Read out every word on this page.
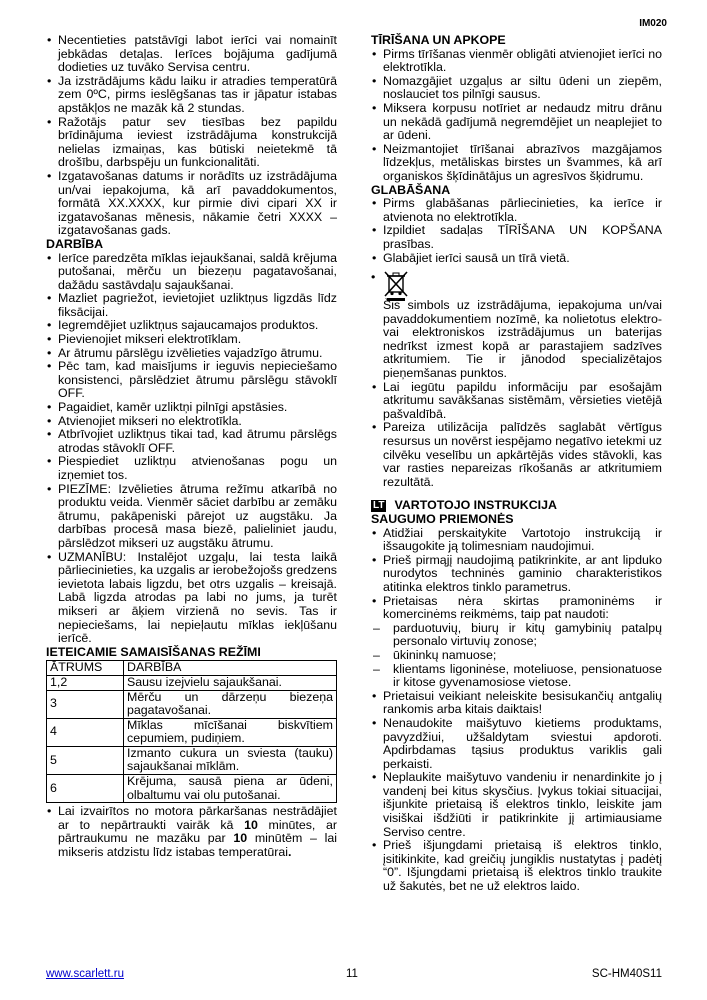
IM020
• Necentieties patstāvīgi labot ierīci vai nomainīt jebkādas detaļas. Ierīces bojājuma gadījumā dodieties uz tuvāko Servisa centru.
• Ja izstrādājums kādu laiku ir atradies temperatūrā zem 0ºC, pirms ieslēgšanas tas ir jāpatur istabas apstākļos ne mazāk kā 2 stundas.
• Ražotājs patur sev tiesības bez papildu brīdinājuma ieviest izstrādājuma konstrukcijā nelielas izmaiņas, kas būtiski neietekmē tā drošību, darbspēju un funkcionalitāti.
• Izgatavošanas datums ir norādīts uz izstrādājuma un/vai iepakojuma, kā arī pavaddokumentos, formātā XX.XXXX, kur pirmie divi cipari XX ir izgatavošanas mēnesis, nākamie četri XXXX – izgatavošanas gads.
DARBĪBA
• Ierīce paredzēta mīklas iejaukšanai, saldā krējuma putošanai, mērču un biezeņu pagatavošanai, dažādu sastāvdaļu sajaukšanai.
• Mazliet pagriežot, ievietojiet uzliktņus ligzdās līdz fiksācijai.
• Iegremdējiet uzliktņus sajaucamajos produktos.
• Pievienojiet mikseri elektrotīklam.
• Ar ātrumu pārslēgu izvēlieties vajadzīgo ātrumu.
• Pēc tam, kad maisījums ir ieguvis nepieciešamo konsistenci, pārslēdziet ātrumu pārslēgu stāvoklī OFF.
• Pagaidiet, kamēr uzliktņi pilnīgi apstāsies.
• Atvienojiet mikseri no elektrotīkla.
• Atbrīvojiet uzliktņus tikai tad, kad ātrumu pārslēgs atrodas stāvoklī OFF.
• Piespiediet uzliktņu atvienošanas pogu un izņemiet tos.
• PIEZĪME: Izvēlieties ātruma režīmu atkarībā no produktu veida. Vienmēr sāciet darbību ar zemāku ātrumu, pakāpeniski pārejot uz augstāku. Ja darbības procesā masa biezē, palieliniet jaudu, pārslēdzot mikseri uz augstāku ātrumu.
• UZMANĪBU: Instalējot uzgaļu, lai testa laikā pārliecinieties, ka uzgalis ar ierobežojošs gredzens ievietota labais ligzdu, bet otrs uzgalis – kreisajā. Labā ligzda atrodas pa labi no jums, ja turēt mikseri ar āķiem virzienā no sevis. Tas ir nepieciešams, lai nepieļautu mīklas iekļūšanu ierīcē.
IETEICAMIE SAMAISĪŠANAS REŽĪMI
ĀTRUMS	DARBĪBA
1,2	Sausu izejvielu sajaukšanai.
3	Mērču un dārzeņu biezeņa pagatavošanai.
4	Mīklas mīcīšanai biskvītiem cepumiem, pudiņiem.
5	Izmanto cukura un sviesta (tauku) sajaukšanai mīklām.
6	Krējuma, sausā piena ar ūdeni, olbaltumu vai olu putošanai.
• Lai izvairītos no motora pārkaršanas nestrādājiet ar to nepārtraukti vairāk kā 10 minūtes, ar pārtraukumu ne mazāku par 10 minūtēm – lai mikseris atdzistu līdz istabas temperatūrai.
TĪRĪŠANA UN APKOPE
• Pirms tīrīšanas vienmēr obligāti atvienojiet ierīci no elektrotīkla.
• Nomazgājiet uzgaļus ar siltu ūdeni un ziepēm, noslauciet tos pilnīgi sausus.
• Miksera korpusu notīriet ar nedaudz mitru drānu un nekādā gadījumā negremdējiet un neaplejiet to ar ūdeni.
• Neizmantojiet tīrīšanai abrazīvos mazgājamos līdzekļus, metāliskas birstes un švammes, kā arī organiskos šķīdinātājus un agresīvos šķidrumu.
GLABĀŠANA
• Pirms glabāšanas pārliecinieties, ka ierīce ir atvienota no elektrotīkla.
• Izpildiet sadaļas TĪRĪŠANA UN KOPŠANA prasības.
• Glabājiet ierīci sausā un tīrā vietā.
•
Šis simbols uz izstrādājuma, iepakojuma un/vai pavaddokumentiem nozīmē, ka nolietotus elektro- vai elektroniskos izstrādājumus un baterijas nedrīkst izmest kopā ar parastajiem sadzīves atkritumiem. Tie ir jānodod specializētajos pieņemšanas punktos.
• Lai iegūtu papildu informāciju par esošajām atkritumu savākšanas sistēmām, vērsieties vietējā pašvaldībā.
• Pareiza utilizācija palīdzēs saglabāt vērtīgus resursus un novērst iespējamo negatīvo ietekmi uz cilvēku veselību un apkārtējās vides stāvokli, kas var rasties nepareizas rīkošanās ar atkritumiem rezultātā.
LT VARTOTOJO INSTRUKCIJA
SAUGUMO PRIEMONĖS
• Atidžiai perskaitykite Vartotojo instrukciją ir išsaugokite ją tolimesniam naudojimui.
• Prieš pirmąjį naudojimą patikrinkite, ar ant lipduko nurodytos techninės gaminio charakteristikos atitinka elektros tinklo parametrus.
• Prietaisas nėra skirtas pramoninėms ir komercinėms reikmėms, taip pat naudoti:
– parduotuvių, biurų ir kitų gamybinių patalpų personalo virtuvių zonose;
– ūkininkų namuose;
– klientams ligoninėse, moteliuose, pensionatuose ir kitose gyvenamosiose vietose.
• Prietaisui veikiant neleiskite besisukančių antgalių rankomis arba kitais daiktais!
• Nenaudokite maišytuvo kietiems produktams, pavyzdžiui, užšaldytam sviestui apdoroti. Apdirbdamas tąsius produktus variklis gali perkaisti.
• Neplaukite maišytuvo vandeniu ir nenardinkite jo į vandenį bei kitus skysčius. Įvykus tokiai situacijai, išjunkite prietaisą iš elektros tinklo, leiskite jam visiškai išdžiūti ir patikrinkite jį artimiausiame Serviso centre.
• Prieš išjungdami prietaisą iš elektros tinklo, įsitikinkite, kad greičių jungiklis nustatytas į padėtį “0”. Išjungdami prietaisą iš elektros tinklo traukite už šakutės, bet ne už elektros laido.
www.scarlett.ru	11	SC-HM40S11
